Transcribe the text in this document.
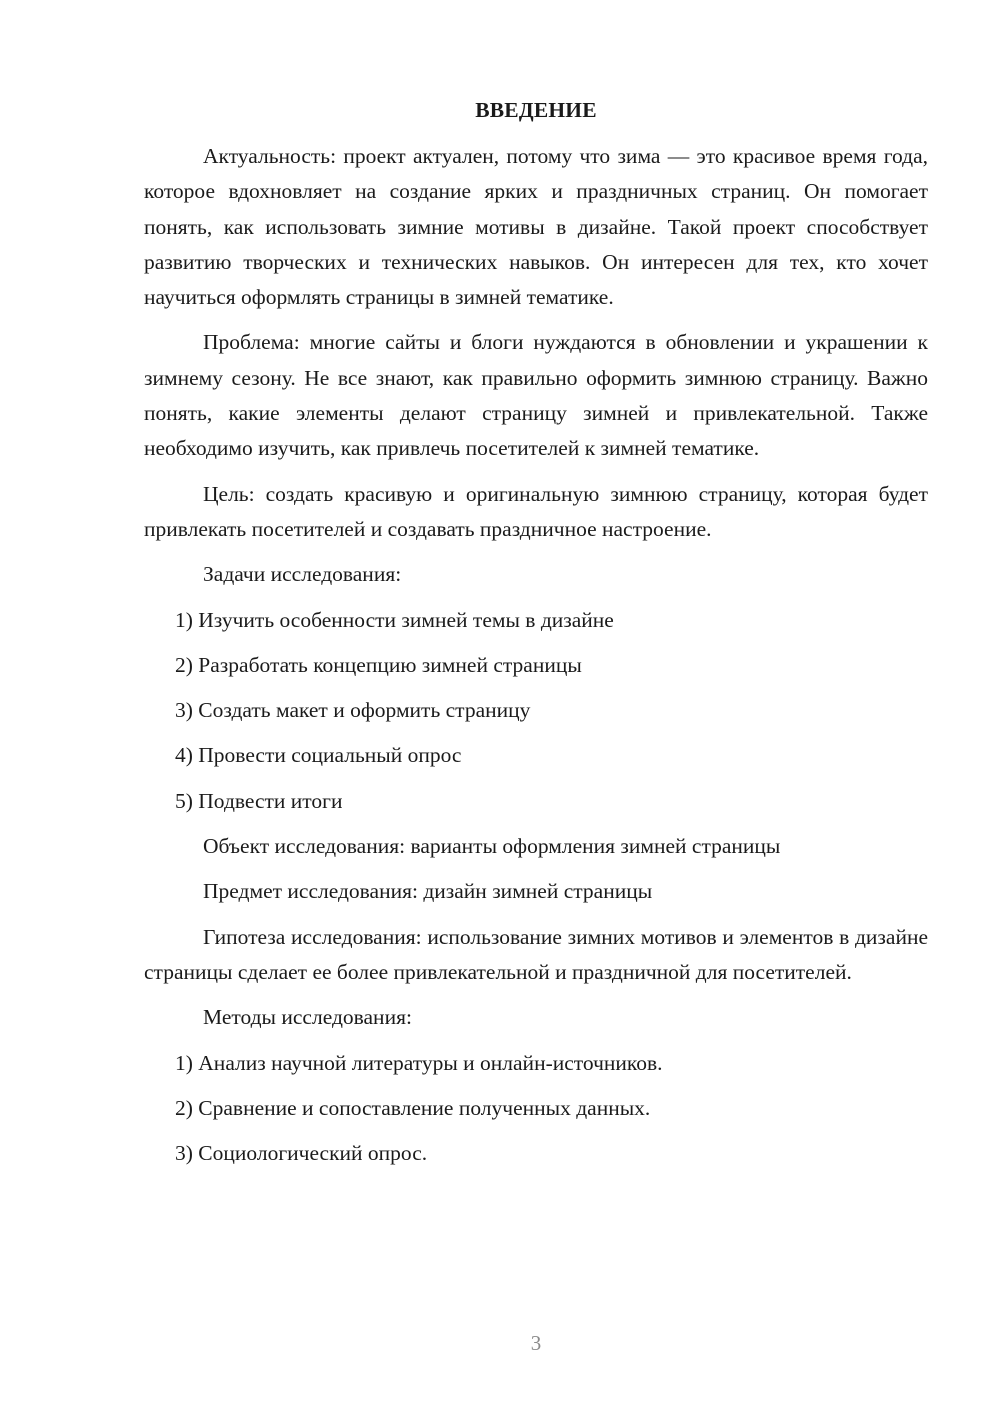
ВВЕДЕНИЕ

Актуальность: проект актуален, потому что зима — это красивое время года, которое вдохновляет на создание ярких и праздничных страниц. Он помогает понять, как использовать зимние мотивы в дизайне. Такой проект способствует развитию творческих и технических навыков. Он интересен для тех, кто хочет научиться оформлять страницы в зимней тематике.

Проблема: многие сайты и блоги нуждаются в обновлении и украшении к зимнему сезону. Не все знают, как правильно оформить зимнюю страницу. Важно понять, какие элементы делают страницу зимней и привлекательной. Также необходимо изучить, как привлечь посетителей к зимней тематике.

Цель: создать красивую и оригинальную зимнюю страницу, которая будет привлекать посетителей и создавать праздничное настроение.

Задачи исследования:

1) Изучить особенности зимней темы в дизайне
2) Разработать концепцию зимней страницы
3) Создать макет и оформить страницу
4) Провести социальный опрос
5) Подвести итоги

Объект исследования: варианты оформления зимней страницы

Предмет исследования: дизайн зимней страницы

Гипотеза исследования: использование зимних мотивов и элементов в дизайне страницы сделает ее более привлекательной и праздничной для посетителей.

Методы исследования:

1) Анализ научной литературы и онлайн-источников.
2) Сравнение и сопоставление полученных данных.
3) Социологический опрос.
3
